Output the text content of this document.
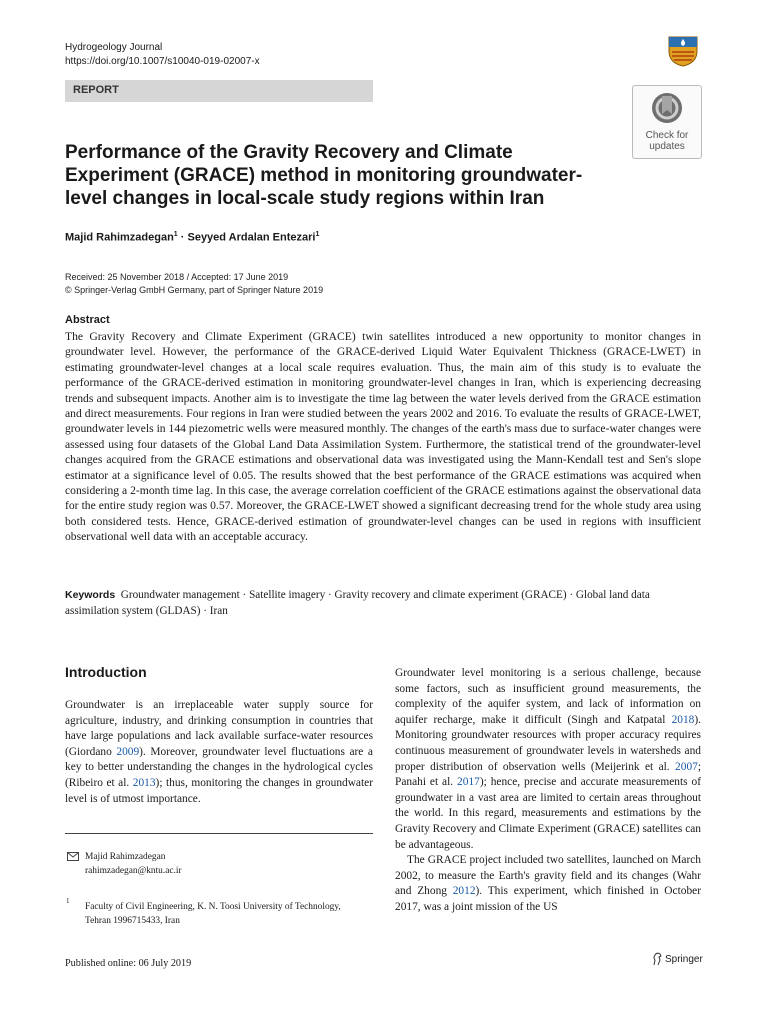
Hydrogeology Journal
https://doi.org/10.1007/s10040-019-02007-x
REPORT
Check for
updates
Performance of the Gravity Recovery and Climate Experiment (GRACE) method in monitoring groundwater-level changes in local-scale study regions within Iran
Majid Rahimzadegan$^1$ · Seyyed Ardalan Entezari$^1$
Received: 25 November 2018 / Accepted: 17 June 2019
© Springer-Verlag GmbH Germany, part of Springer Nature 2019
Abstract
The Gravity Recovery and Climate Experiment (GRACE) twin satellites introduced a new opportunity to monitor changes in groundwater level. However, the performance of the GRACE-derived Liquid Water Equivalent Thickness (GRACE-LWET) in estimating groundwater-level changes at a local scale requires evaluation. Thus, the main aim of this study is to evaluate the performance of the GRACE-derived estimation in monitoring groundwater-level changes in Iran, which is experiencing decreasing trends and subsequent impacts. Another aim is to investigate the time lag between the water levels derived from the GRACE estimation and direct measurements. Four regions in Iran were studied between the years 2002 and 2016. To evaluate the results of GRACE-LWET, groundwater levels in 144 piezometric wells were measured monthly. The changes of the earth's mass due to surface-water changes were assessed using four datasets of the Global Land Data Assimilation System. Furthermore, the statistical trend of the groundwater-level changes acquired from the GRACE estimations and observational data was investigated using the Mann-Kendall test and Sen's slope estimator at a significance level of 0.05. The results showed that the best performance of the GRACE estimations was acquired when considering a 2-month time lag. In this case, the average correlation coefficient of the GRACE estimations against the observational data for the entire study region was 0.57. Moreover, the GRACE-LWET showed a significant decreasing trend for the whole study area using both considered tests. Hence, GRACE-derived estimation of groundwater-level changes can be used in regions with insufficient observational well data with an acceptable accuracy.
Keywords Groundwater management · Satellite imagery · Gravity recovery and climate experiment (GRACE) · Global land data assimilation system (GLDAS) · Iran
Introduction
Groundwater is an irreplaceable water supply source for agriculture, industry, and drinking consumption in countries that have large populations and lack available surface-water resources (Giordano 2009). Moreover, groundwater level fluctuations are a key to better understanding the changes in the hydrological cycles (Ribeiro et al. 2013); thus, monitoring the changes in groundwater level is of utmost importance.
Majid Rahimzadegan
rahimzadegan@kntu.ac.ir
1
Faculty of Civil Engineering, K. N. Toosi University of Technology,
Tehran 1996715433, Iran
Published online: 06 July 2019	Springer

Groundwater level monitoring is a serious challenge, because some factors, such as insufficient ground measurements, the complexity of the aquifer system, and lack of information on aquifer recharge, make it difficult (Singh and Katpatal 2018). Monitoring groundwater resources with proper accuracy requires continuous measurement of groundwater levels in watersheds and proper distribution of observation wells (Meijerink et al. 2007; Panahi et al. 2017); hence, precise and accurate measurements of groundwater in a vast area are limited to certain areas throughout the world. In this regard, measurements and estimations by the Gravity Recovery and Climate Experiment (GRACE) satellites can be advantageous.

The GRACE project included two satellites, launched on March 2002, to measure the Earth's gravity field and its changes (Wahr and Zhong 2012). This experiment, which finished in October 2017, was a joint mission of the US
